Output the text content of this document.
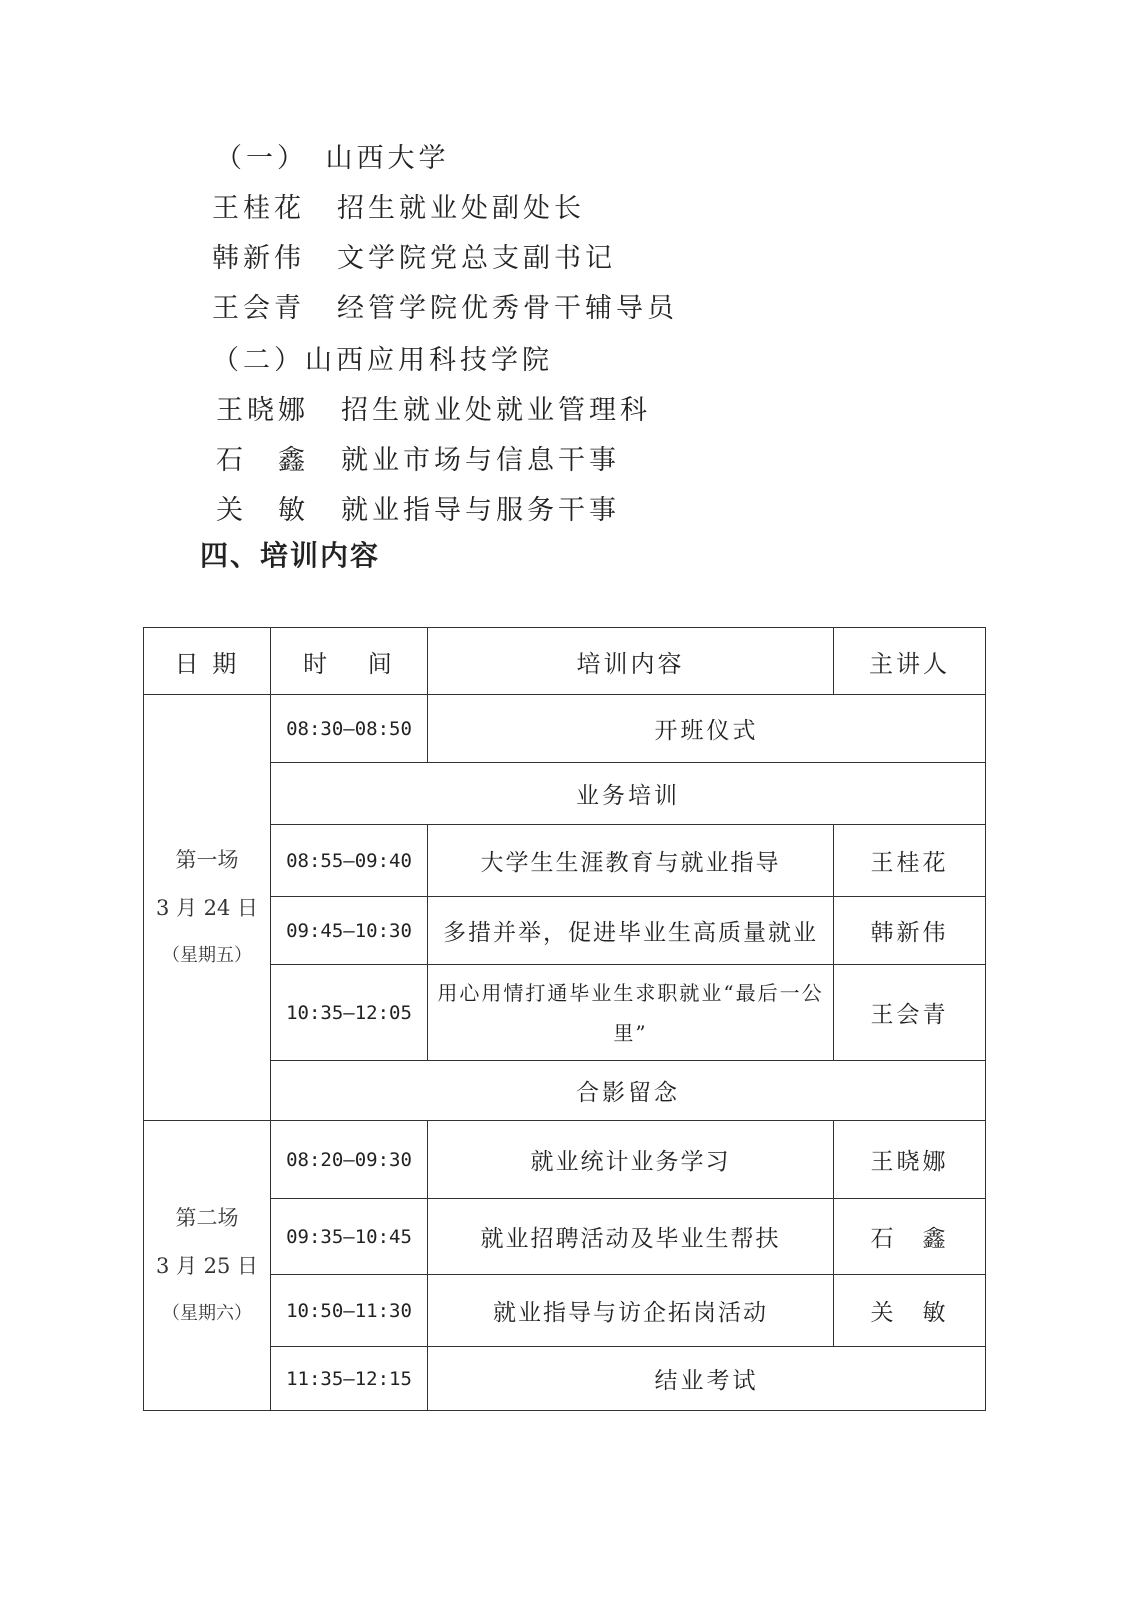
（一）　山西大学
王桂花 招生就业处副处长
韩新伟 文学院党总支副书记
王会青 经管学院优秀骨干辅导员
（二）山西应用科技学院
王晓娜 招生就业处就业管理科
石　鑫 就业市场与信息干事
关　敏 就业指导与服务干事
四、培训内容
日 期	时　 间	培训内容	主讲人

第一场
3 月 24 日
（星期五）	08:30—08:50	开班仪式	
	业务培训		
	08:55—09:40	大学生生涯教育与就业指导	王桂花
	09:45—10:30	多措并举，促进毕业生高质量就业	韩新伟
	10:35—12:05	用心用情打通毕业生求职就业“最后一公里”	王会青
	合影留念		

第二场
3 月 25 日
（星期六）	08:20—09:30	就业统计业务学习	王晓娜
	09:35—10:45	就业招聘活动及毕业生帮扶	石　鑫
	10:50—11:30	就业指导与访企拓岗活动	关　敏
	11:35—12:15	结业考试	
